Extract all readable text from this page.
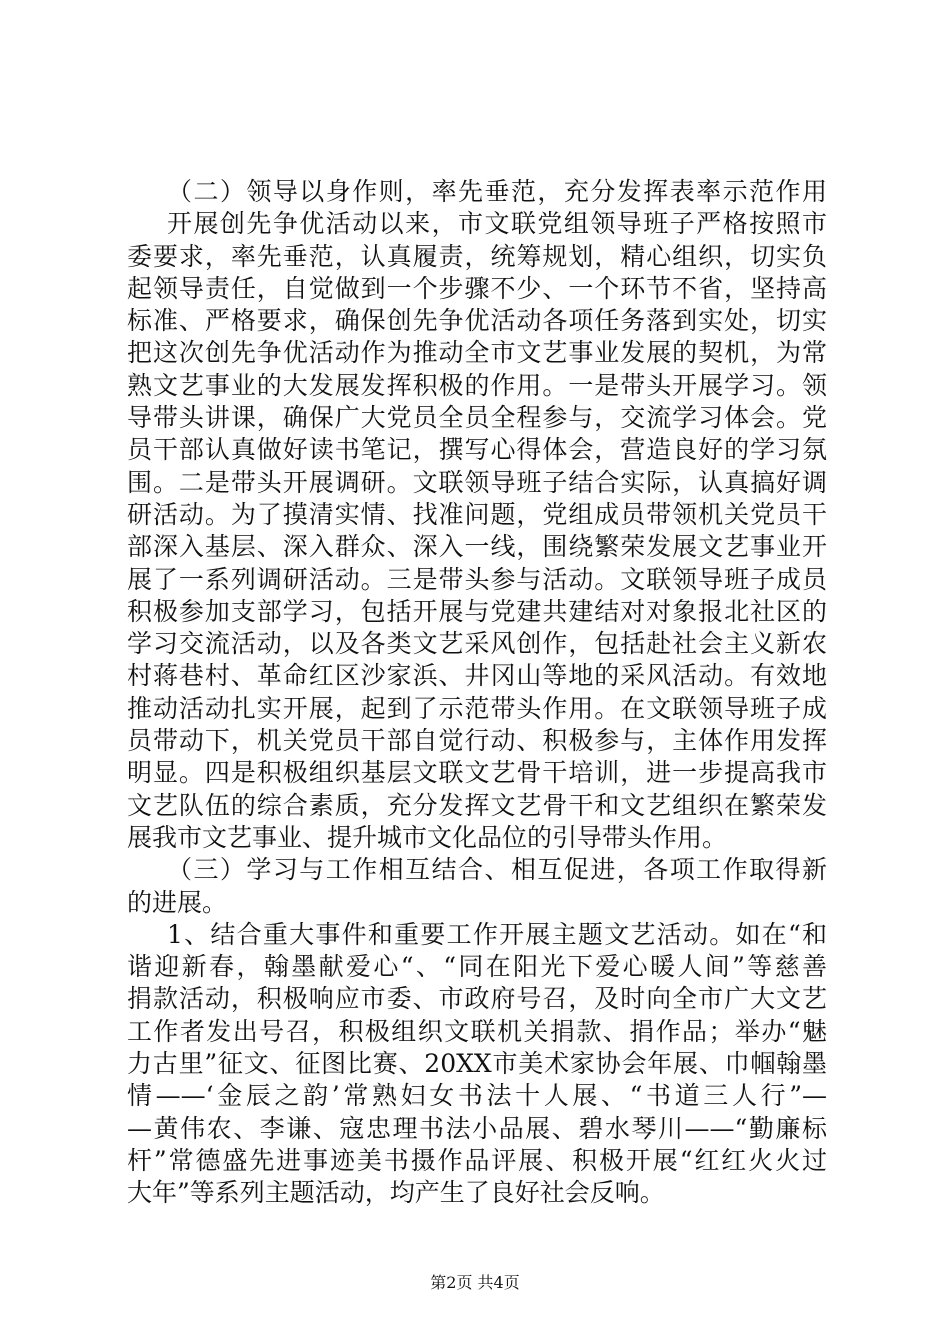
（二）领导以身作则，率先垂范，充分发挥表率示范作用
开展创先争优活动以来，市文联党组领导班子严格按照市
委要求，率先垂范，认真履责，统筹规划，精心组织，切实负
起领导责任，自觉做到一个步骤不少、一个环节不省，坚持高
标准、严格要求，确保创先争优活动各项任务落到实处，切实
把这次创先争优活动作为推动全市文艺事业发展的契机，为常
熟文艺事业的大发展发挥积极的作用。一是带头开展学习。领
导带头讲课，确保广大党员全员全程参与，交流学习体会。党
员干部认真做好读书笔记，撰写心得体会，营造良好的学习氛
围。二是带头开展调研。文联领导班子结合实际，认真搞好调
研活动。为了摸清实情、找准问题，党组成员带领机关党员干
部深入基层、深入群众、深入一线，围绕繁荣发展文艺事业开
展了一系列调研活动。三是带头参与活动。文联领导班子成员
积极参加支部学习，包括开展与党建共建结对对象报北社区的
学习交流活动，以及各类文艺采风创作，包括赴社会主义新农
村蒋巷村、革命红区沙家浜、井冈山等地的采风活动。有效地
推动活动扎实开展，起到了示范带头作用。在文联领导班子成
员带动下，机关党员干部自觉行动、积极参与，主体作用发挥
明显。四是积极组织基层文联文艺骨干培训，进一步提高我市
文艺队伍的综合素质，充分发挥文艺骨干和文艺组织在繁荣发
展我市文艺事业、提升城市文化品位的引导带头作用。
（三）学习与工作相互结合、相互促进，各项工作取得新
的进展。
1、结合重大事件和重要工作开展主题文艺活动。如在“和
谐迎新春，翰墨献爱心“、“同在阳光下爱心暖人间”等慈善
捐款活动，积极响应市委、市政府号召，及时向全市广大文艺
工作者发出号召，积极组织文联机关捐款、捐作品；举办“魅
力古里”征文、征图比赛、20XX市美术家协会年展、巾帼翰墨
情——‘金辰之韵’常熟妇女书法十人展、“书道三人行”—
—黄伟农、李谦、寇忠理书法小品展、碧水琴川——“勤廉标
杆”常德盛先进事迹美书摄作品评展、积极开展“红红火火过
大年”等系列主题活动，均产生了良好社会反响。
第2页 共4页
